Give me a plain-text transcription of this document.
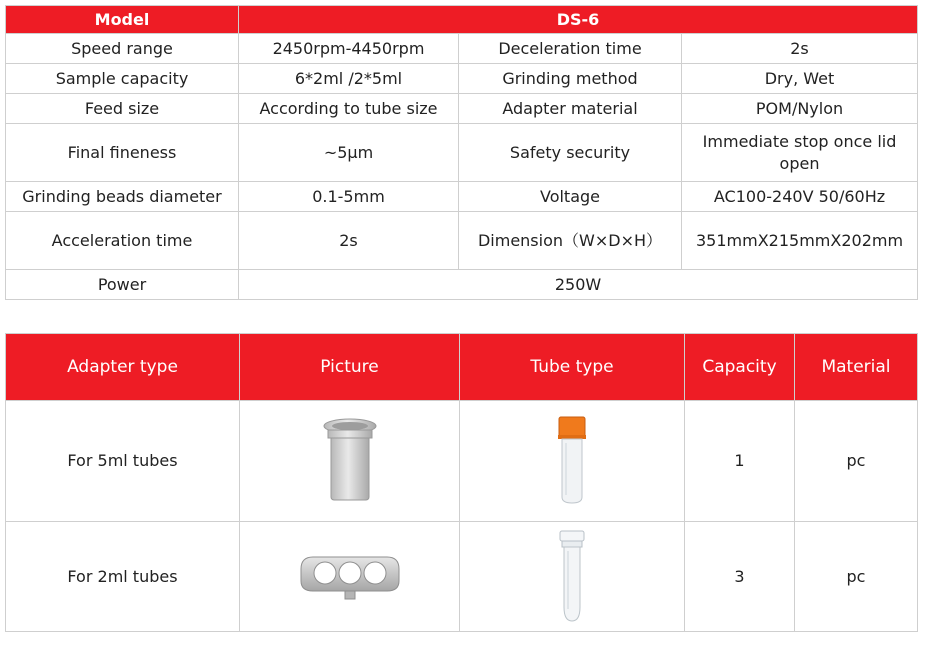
Model	DS-6		
Speed range	2450rpm-4450rpm	Deceleration time	2s
Sample capacity	6*2ml /2*5ml	Grinding method	Dry, Wet
Feed size	According to tube size	Adapter material	POM/Nylon
Final fineness	~5μm	Safety security	Immediate stop once lid open
Grinding beads diameter	0.1-5mm	Voltage	AC100-240V 50/60Hz
Acceleration time	2s	Dimension（W×D×H）	351mmX215mmX202mm
Power	250W		
Adapter type	Picture	Tube type	Capacity	Material
For 5ml tubes			1	pc
For 2ml tubes			3	pc
